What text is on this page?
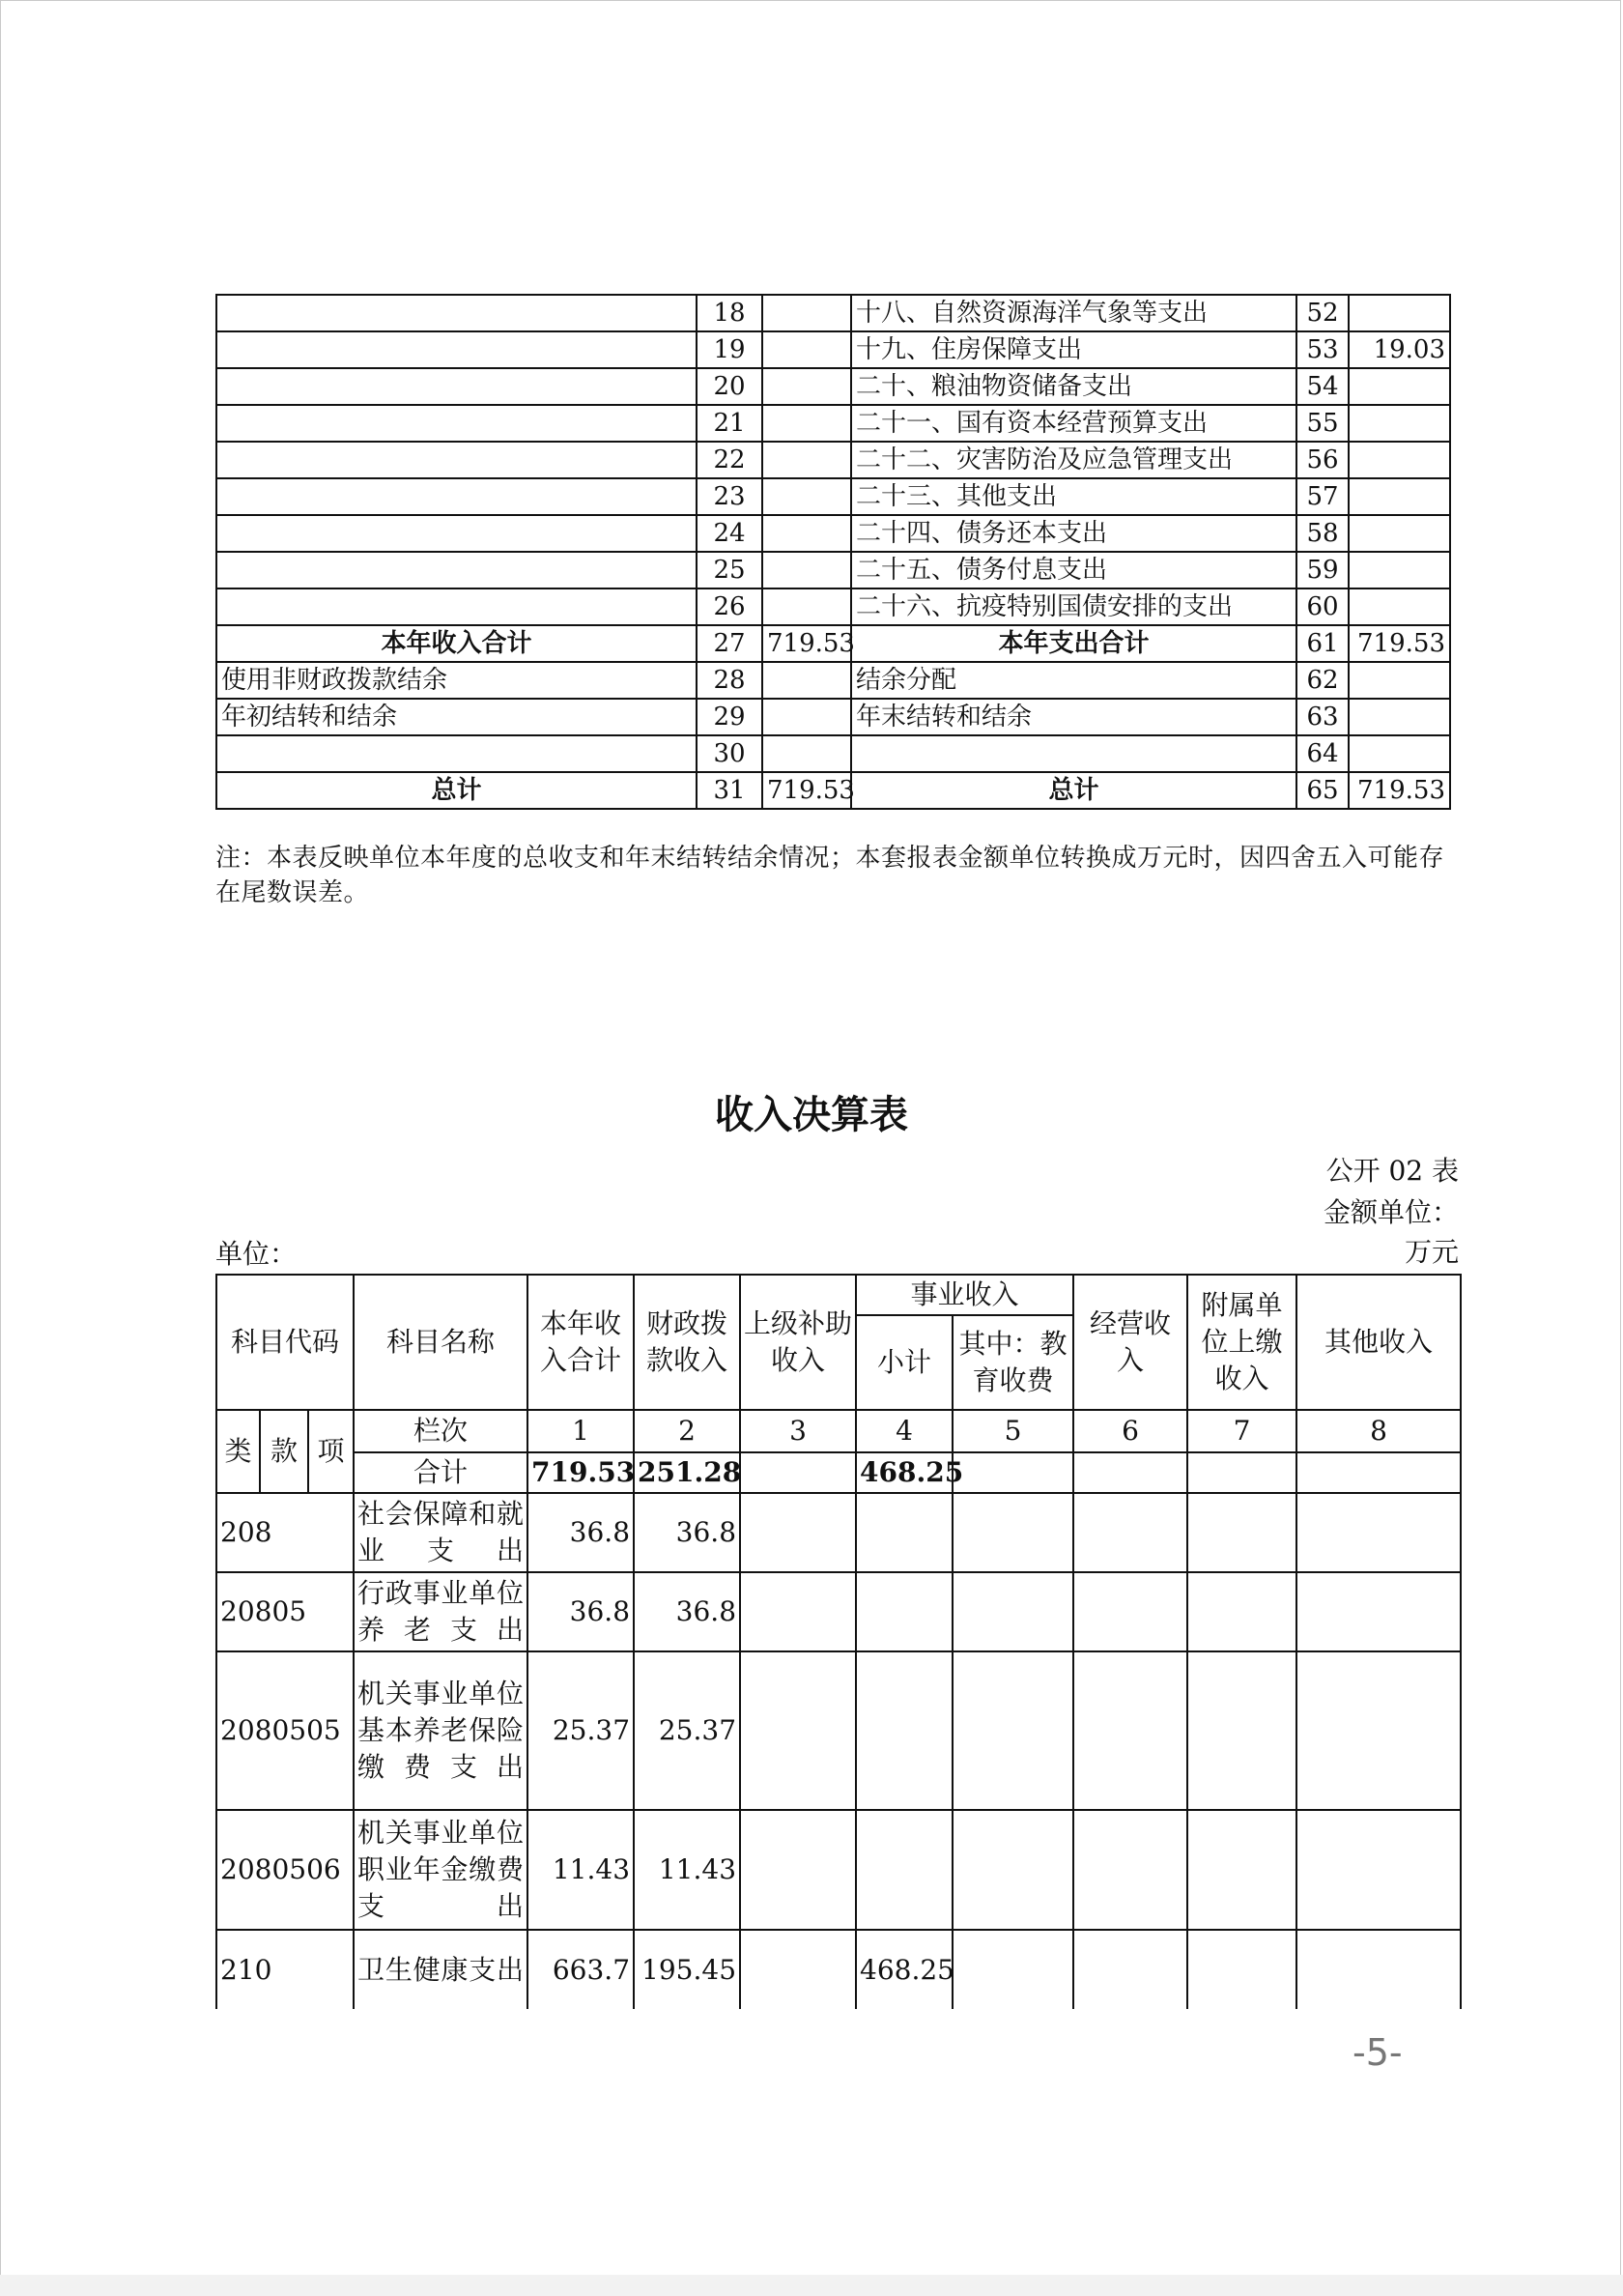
	18		十八、自然资源海洋气象等支出	52	
	19		十九、住房保障支出	53	19.03
	20		二十、粮油物资储备支出	54	
	21		二十一、国有资本经营预算支出	55	
	22		二十二、灾害防治及应急管理支出	56	
	23		二十三、其他支出	57	
	24		二十四、债务还本支出	58	
	25		二十五、债务付息支出	59	
	26		二十六、抗疫特别国债安排的支出	60	
本年收入合计	27	719.53	本年支出合计	61	719.53
使用非财政拨款结余	28		结余分配	62	
年初结转和结余	29		年末结转和结余	63	
	30			64	
总计	31	719.53	总计	65	719.53
注：本表反映单位本年度的总收支和年末结转结余情况；本套报表金额单位转换成万元时，因四舍五入可能存在尾数误差。
收入决算表
公开 02 表
金额单位：
万元
单位：
科目代码			科目名称	本年收入合计	财政拨款收入	上级补助收入	事业收入		经营收入	附属单位上缴收入	其他收入
							小计	其中：教育收费			
类	款	项	栏次	1	2	3	4	5	6	7	8
			合计	719.53	251.28		468.25				
208			社会保障和就业支出	36.8	36.8						
20805			行政事业单位养老支出	36.8	36.8						
2080505			机关事业单位基本养老保险缴费支出	25.37	25.37						
2080506			机关事业单位职业年金缴费支出	11.43	11.43						
210			卫生健康支出	663.7	195.45		468.25				
-5-
